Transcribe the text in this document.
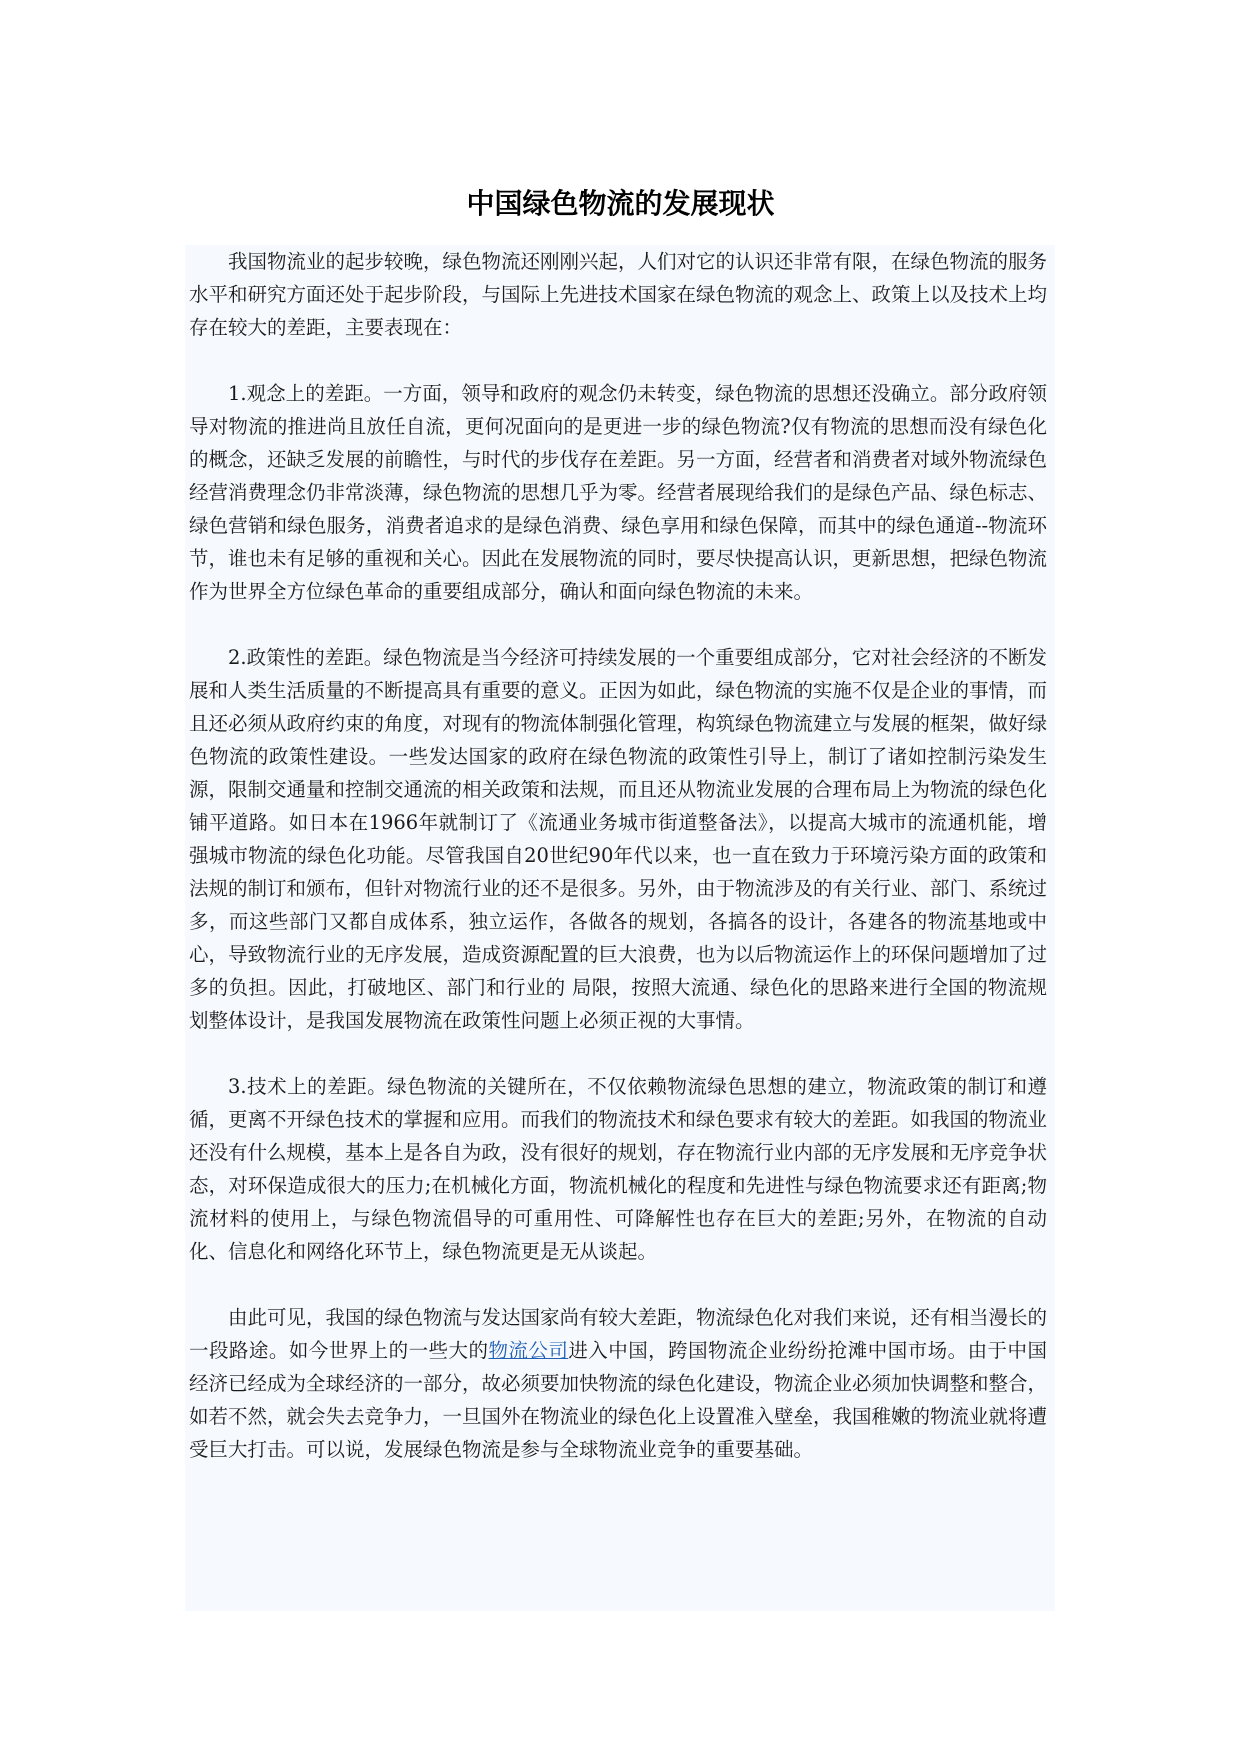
中国绿色物流的发展现状

我国物流业的起步较晚，绿色物流还刚刚兴起，人们对它的认识还非常有限，在绿色物流的服务水平和研究方面还处于起步阶段，与国际上先进技术国家在绿色物流的观念上、政策上以及技术上均存在较大的差距，主要表现在：

1.观念上的差距。一方面，领导和政府的观念仍未转变，绿色物流的思想还没确立。部分政府领导对物流的推进尚且放任自流，更何况面向的是更进一步的绿色物流?仅有物流的思想而没有绿色化的概念，还缺乏发展的前瞻性，与时代的步伐存在差距。另一方面，经营者和消费者对域外物流绿色经营消费理念仍非常淡薄，绿色物流的思想几乎为零。经营者展现给我们的是绿色产品、绿色标志、绿色营销和绿色服务，消费者追求的是绿色消费、绿色享用和绿色保障，而其中的绿色通道--物流环节，谁也未有足够的重视和关心。因此在发展物流的同时，要尽快提高认识，更新思想，把绿色物流作为世界全方位绿色革命的重要组成部分，确认和面向绿色物流的未来。

2.政策性的差距。绿色物流是当今经济可持续发展的一个重要组成部分，它对社会经济的不断发展和人类生活质量的不断提高具有重要的意义。正因为如此，绿色物流的实施不仅是企业的事情，而且还必须从政府约束的角度，对现有的物流体制强化管理，构筑绿色物流建立与发展的框架，做好绿色物流的政策性建设。一些发达国家的政府在绿色物流的政策性引导上，制订了诸如控制污染发生源，限制交通量和控制交通流的相关政策和法规，而且还从物流业发展的合理布局上为物流的绿色化铺平道路。如日本在1966年就制订了《流通业务城市街道整备法》，以提高大城市的流通机能，增强城市物流的绿色化功能。尽管我国自20世纪90年代以来，也一直在致力于环境污染方面的政策和法规的制订和颁布，但针对物流行业的还不是很多。另外，由于物流涉及的有关行业、部门、系统过多，而这些部门又都自成体系，独立运作，各做各的规划，各搞各的设计，各建各的物流基地或中心，导致物流行业的无序发展，造成资源配置的巨大浪费，也为以后物流运作上的环保问题增加了过多的负担。因此，打破地区、部门和行业的 局限，按照大流通、绿色化的思路来进行全国的物流规划整体设计，是我国发展物流在政策性问题上必须正视的大事情。

3.技术上的差距。绿色物流的关键所在，不仅依赖物流绿色思想的建立，物流政策的制订和遵循，更离不开绿色技术的掌握和应用。而我们的物流技术和绿色要求有较大的差距。如我国的物流业还没有什么规模，基本上是各自为政，没有很好的规划，存在物流行业内部的无序发展和无序竞争状态，对环保造成很大的压力;在机械化方面，物流机械化的程度和先进性与绿色物流要求还有距离;物流材料的使用上，与绿色物流倡导的可重用性、可降解性也存在巨大的差距;另外，在物流的自动化、信息化和网络化环节上，绿色物流更是无从谈起。

由此可见，我国的绿色物流与发达国家尚有较大差距，物流绿色化对我们来说，还有相当漫长的一段路途。如今世界上的一些大的物流公司进入中国，跨国物流企业纷纷抢滩中国市场。由于中国经济已经成为全球经济的一部分，故必须要加快物流的绿色化建设，物流企业必须加快调整和整合，如若不然，就会失去竞争力，一旦国外在物流业的绿色化上设置准入壁垒，我国稚嫩的物流业就将遭受巨大打击。可以说，发展绿色物流是参与全球物流业竞争的重要基础。
